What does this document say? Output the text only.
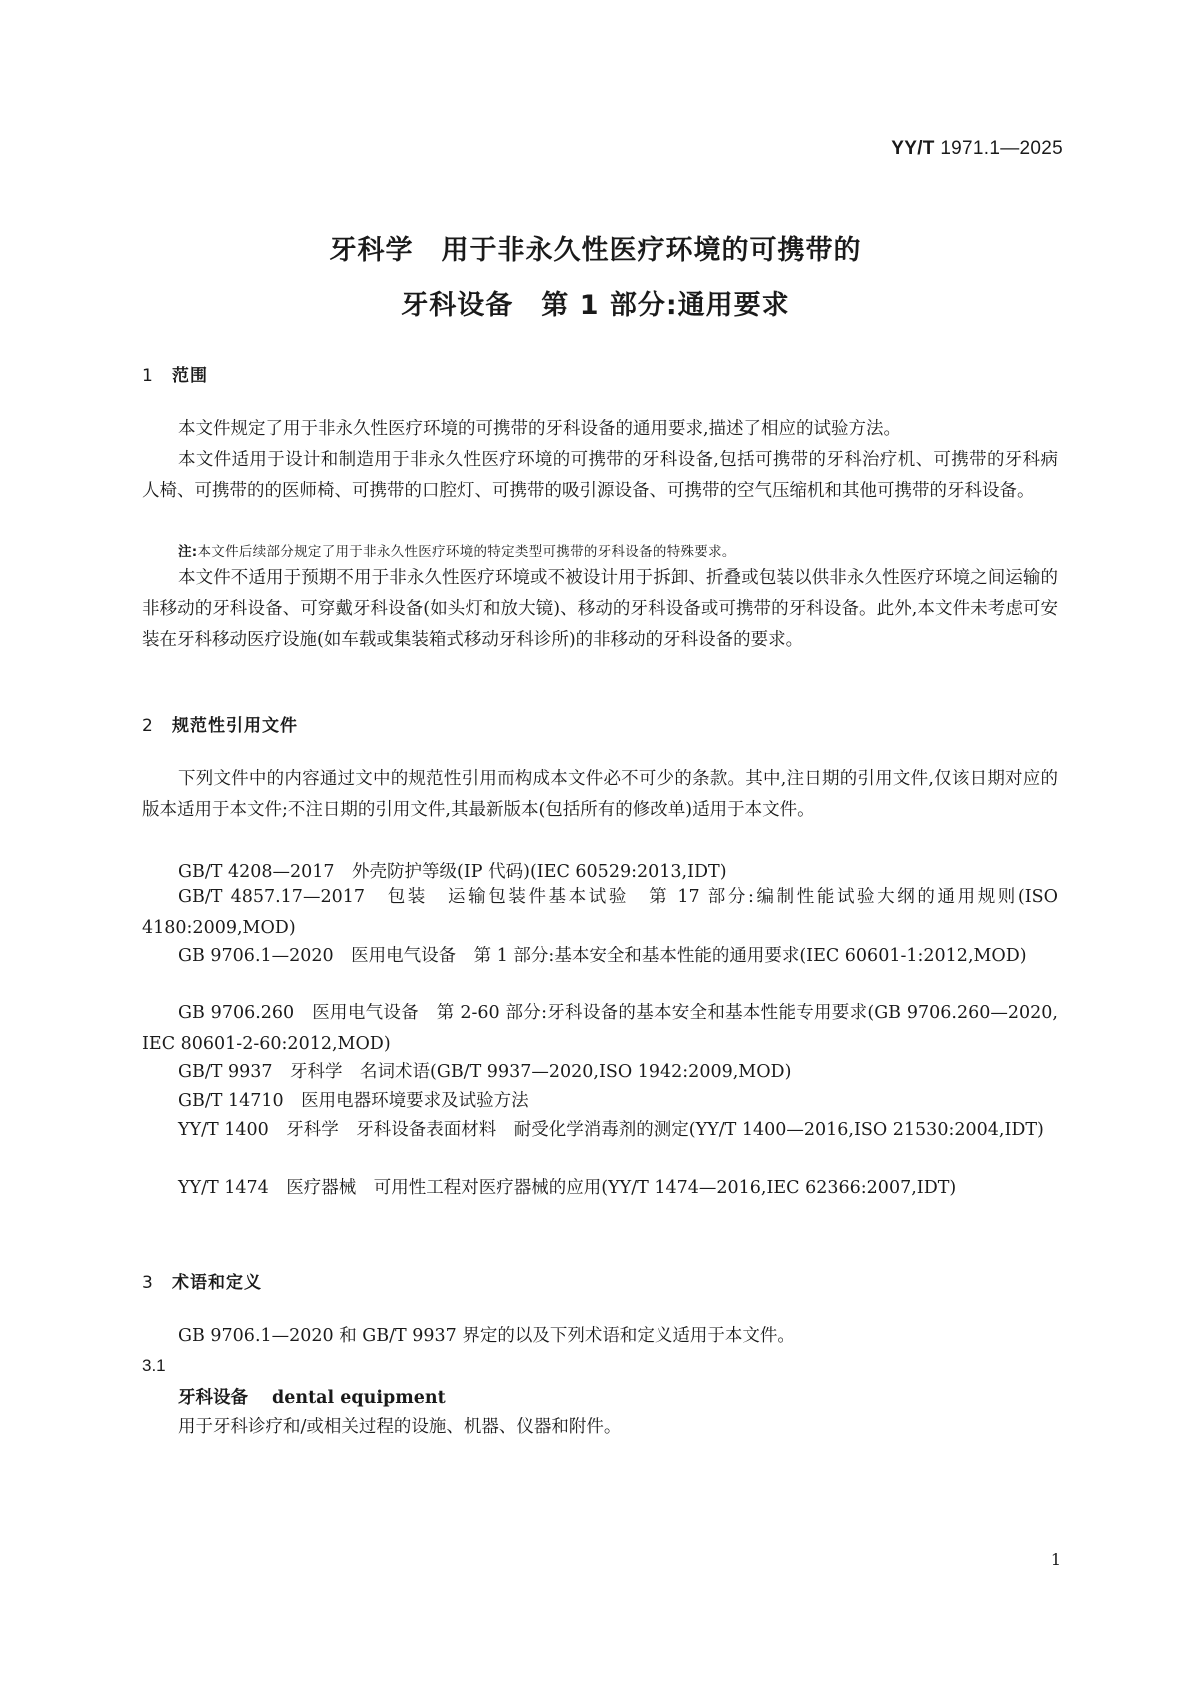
YY/T 1971.1—2025
牙科学　用于非永久性医疗环境的可携带的
牙科设备　第 1 部分:通用要求
1 范围
本文件规定了用于非永久性医疗环境的可携带的牙科设备的通用要求,描述了相应的试验方法。
本文件适用于设计和制造用于非永久性医疗环境的可携带的牙科设备,包括可携带的牙科治疗机、可携带的牙科病人椅、可携带的的医师椅、可携带的口腔灯、可携带的吸引源设备、可携带的空气压缩机和其他可携带的牙科设备。
注:本文件后续部分规定了用于非永久性医疗环境的特定类型可携带的牙科设备的特殊要求。
本文件不适用于预期不用于非永久性医疗环境或不被设计用于拆卸、折叠或包装以供非永久性医疗环境之间运输的非移动的牙科设备、可穿戴牙科设备(如头灯和放大镜)、移动的牙科设备或可携带的牙科设备。此外,本文件未考虑可安装在牙科移动医疗设施(如车载或集装箱式移动牙科诊所)的非移动的牙科设备的要求。
2 规范性引用文件
下列文件中的内容通过文中的规范性引用而构成本文件必不可少的条款。其中,注日期的引用文件,仅该日期对应的版本适用于本文件;不注日期的引用文件,其最新版本(包括所有的修改单)适用于本文件。
GB/T 4208—2017　外壳防护等级(IP 代码)(IEC 60529:2013,IDT)
GB/T 4857.17—2017　包装　运输包装件基本试验　第 17 部分:编制性能试验大纲的通用规则(ISO 4180:2009,MOD)
GB 9706.1—2020　医用电气设备　第 1 部分:基本安全和基本性能的通用要求(IEC 60601-1:2012,MOD)
GB 9706.260　医用电气设备　第 2-60 部分:牙科设备的基本安全和基本性能专用要求(GB 9706.260—2020, IEC 80601-2-60:2012,MOD)
GB/T 9937　牙科学　名词术语(GB/T 9937—2020,ISO 1942:2009,MOD)
GB/T 14710　医用电器环境要求及试验方法
YY/T 1400　牙科学　牙科设备表面材料　耐受化学消毒剂的测定(YY/T 1400—2016,ISO 21530:2004,IDT)
YY/T 1474　医疗器械　可用性工程对医疗器械的应用(YY/T 1474—2016,IEC 62366:2007,IDT)
3 术语和定义
GB 9706.1—2020 和 GB/T 9937 界定的以及下列术语和定义适用于本文件。
3.1
牙科设备 dental equipment
用于牙科诊疗和/或相关过程的设施、机器、仪器和附件。
1
